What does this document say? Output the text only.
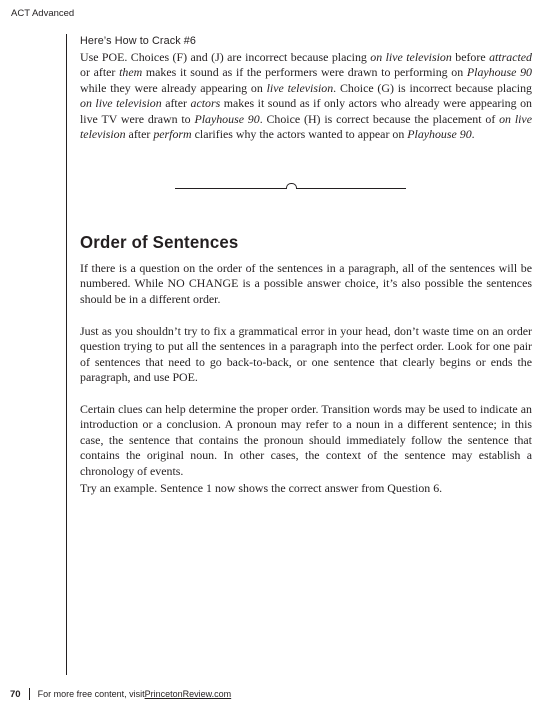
ACT Advanced
Here’s How to Crack #6

Use POE. Choices (F) and (J) are incorrect because placing on live television before attracted or after them makes it sound as if the performers were drawn to performing on Playhouse 90 while they were already appearing on live television. Choice (G) is incorrect because placing on live television after actors makes it sound as if only actors who already were appearing on live TV were drawn to Playhouse 90. Choice (H) is correct because the placement of on live television after perform clarifies why the actors wanted to appear on Playhouse 90.

Order of Sentences

If there is a question on the order of the sentences in a paragraph, all of the sentences will be numbered. While NO CHANGE is a possible answer choice, it’s also possible the sentences should be in a different order.

Just as you shouldn’t try to fix a grammatical error in your head, don’t waste time on an order question trying to put all the sentences in a paragraph into the perfect order. Look for one pair of sentences that need to go back-to-back, or one sentence that clearly begins or ends the paragraph, and use POE.

Certain clues can help determine the proper order. Transition words may be used to indicate an introduction or a conclusion. A pronoun may refer to a noun in a different sentence; in this case, the sentence that contains the pronoun should immediately follow the sentence that contains the original noun. In other cases, the context of the sentence may establish a chronology of events.

Try an example. Sentence 1 now shows the correct answer from Question 6.

70 For more free content, visit PrincetonReview.com
